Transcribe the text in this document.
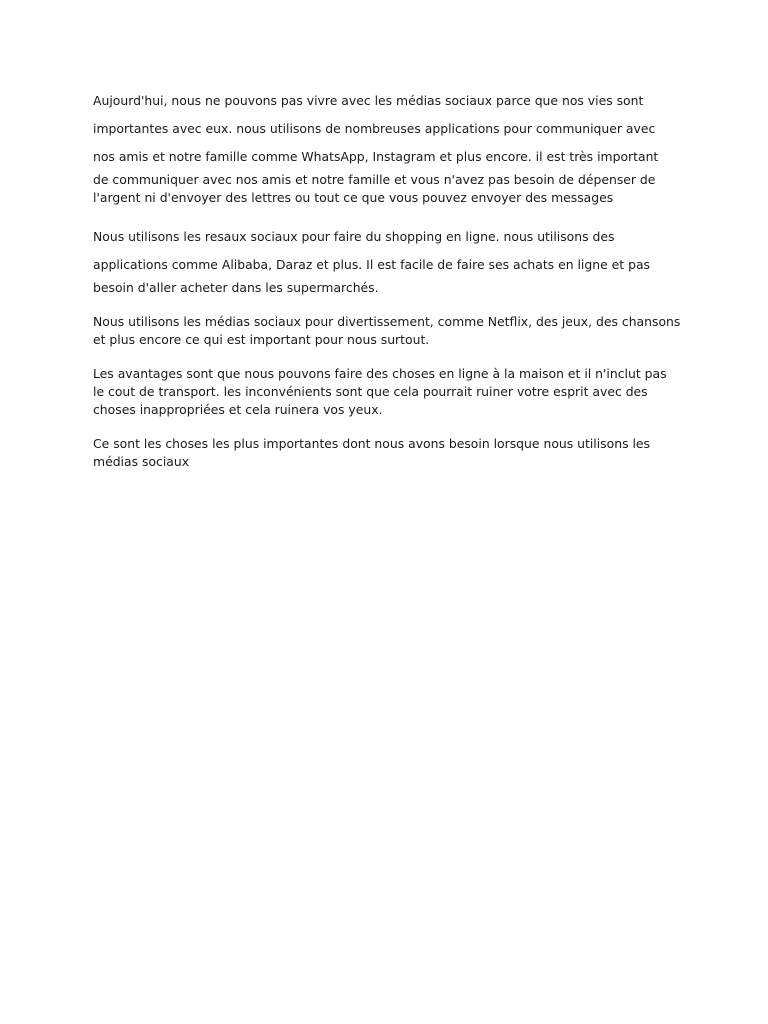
Aujourd'hui, nous ne pouvons pas vivre avec les médias sociaux parce que nos vies sont
importantes avec eux. nous utilisons de nombreuses applications pour communiquer avec
nos amis et notre famille comme WhatsApp, Instagram et plus encore. il est très important
de communiquer avec nos amis et notre famille et vous n'avez pas besoin de dépenser de
l'argent ni d'envoyer des lettres ou tout ce que vous pouvez envoyer des messages

Nous utilisons les resaux sociaux pour faire du shopping en ligne. nous utilisons des
applications comme Alibaba, Daraz et plus. Il est facile de faire ses achats en ligne et pas
besoin d'aller acheter dans les supermarchés.

Nous utilisons les médias sociaux pour divertissement, comme Netflix, des jeux, des chansons
et plus encore ce qui est important pour nous surtout.

Les avantages sont que nous pouvons faire des choses en ligne à la maison et il n'inclut pas
le cout de transport. les inconvénients sont que cela pourrait ruiner votre esprit avec des
choses inappropriées et cela ruinera vos yeux.

Ce sont les choses les plus importantes dont nous avons besoin lorsque nous utilisons les
médias sociaux
